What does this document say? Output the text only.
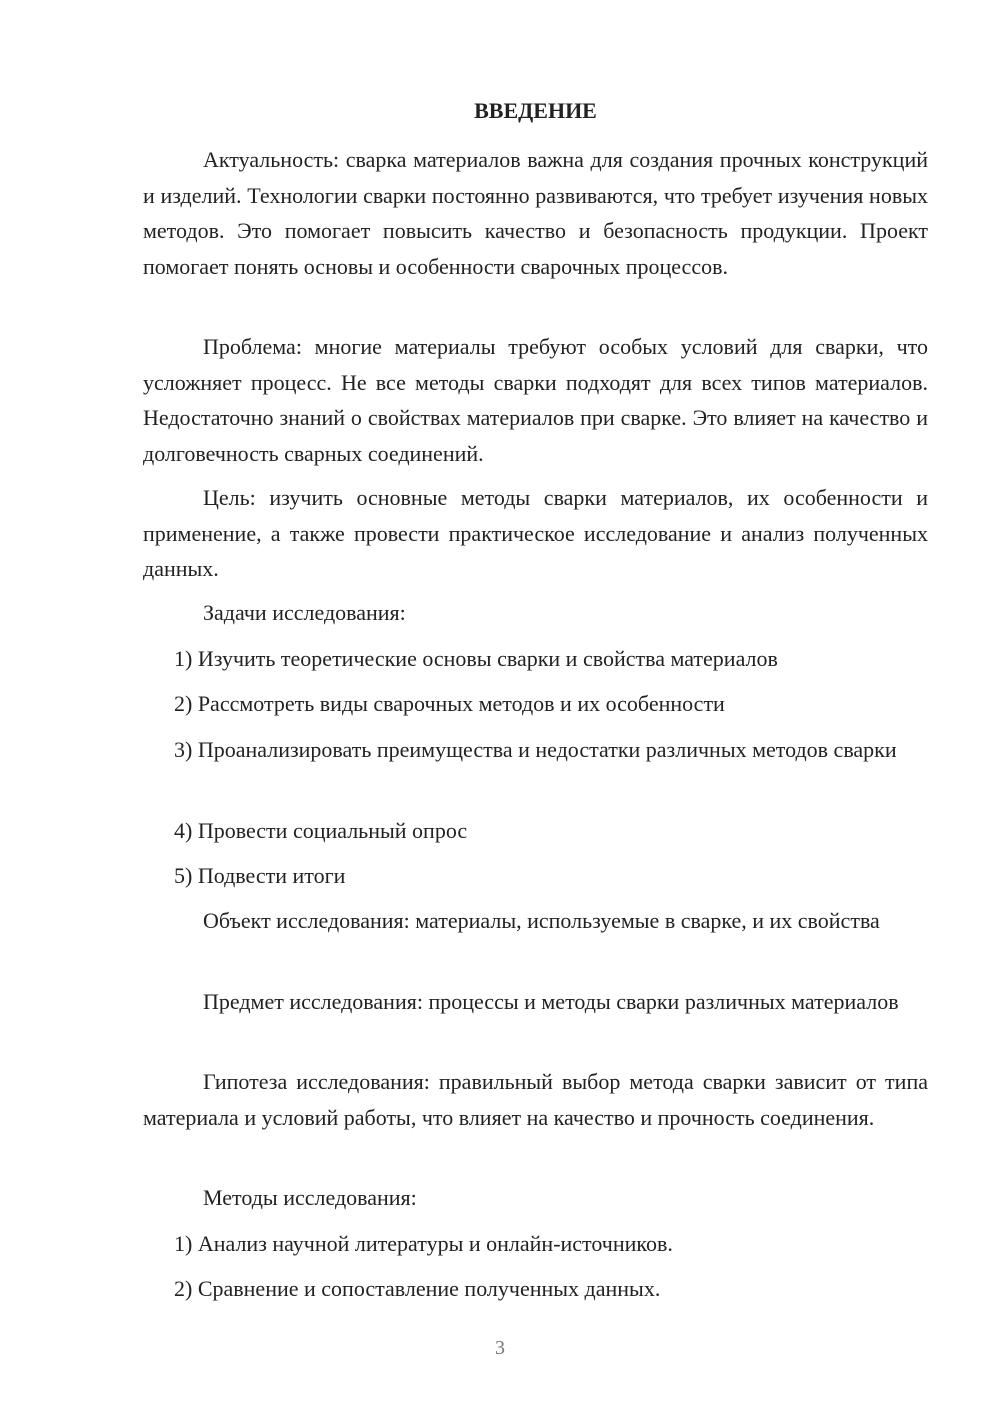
ВВЕДЕНИЕ

Актуальность: сварка материалов важна для создания прочных конструкций и изделий. Технологии сварки постоянно развиваются, что требует изучения новых методов. Это помогает повысить качество и безопасность продукции. Проект помогает понять основы и особенности сварочных процессов.

Проблема: многие материалы требуют особых условий для сварки, что усложняет процесс. Не все методы сварки подходят для всех типов материалов. Недостаточно знаний о свойствах материалов при сварке. Это влияет на качество и долговечность сварных соединений.

Цель: изучить основные методы сварки материалов, их особенности и применение, а также провести практическое исследование и анализ полученных данных.

Задачи исследования:

1) Изучить теоретические основы сварки и свойства материалов

2) Рассмотреть виды сварочных методов и их особенности

3) Проанализировать преимущества и недостатки различных методов сварки

4) Провести социальный опрос

5) Подвести итоги

Объект исследования: материалы, используемые в сварке, и их свойства

Предмет исследования: процессы и методы сварки различных материалов

Гипотеза исследования: правильный выбор метода сварки зависит от типа материала и условий работы, что влияет на качество и прочность соединения.

Методы исследования:

1) Анализ научной литературы и онлайн-источников.

2) Сравнение и сопоставление полученных данных.

3
